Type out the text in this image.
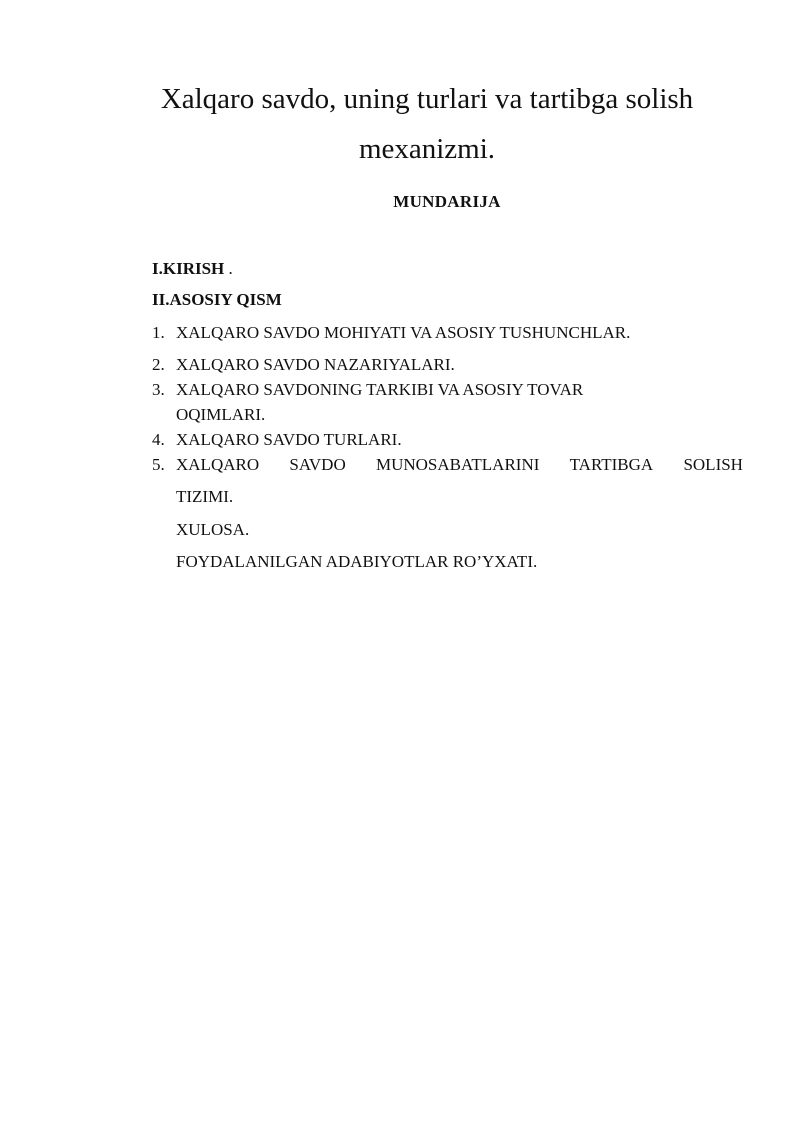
Xalqaro savdo, uning turlari va tartibga solish mexanizmi.
MUNDARIJA
I.KIRISH .
II.ASOSIY QISM
1. XALQARO SAVDO MOHIYATI VA ASOSIY TUSHUNCHLAR.
2. XALQARO SAVDO NAZARIYALARI.
3. XALQARO SAVDONING TARKIBI VA ASOSIY TOVAR
OQIMLARI.
4. XALQARO SAVDO TURLARI.
5. XALQARO SAVDO MUNOSABATLARINI TARTIBGA SOLISH
TIZIMI.
XULOSA.
FOYDALANILGAN ADABIYOTLAR RO’YXATI.
